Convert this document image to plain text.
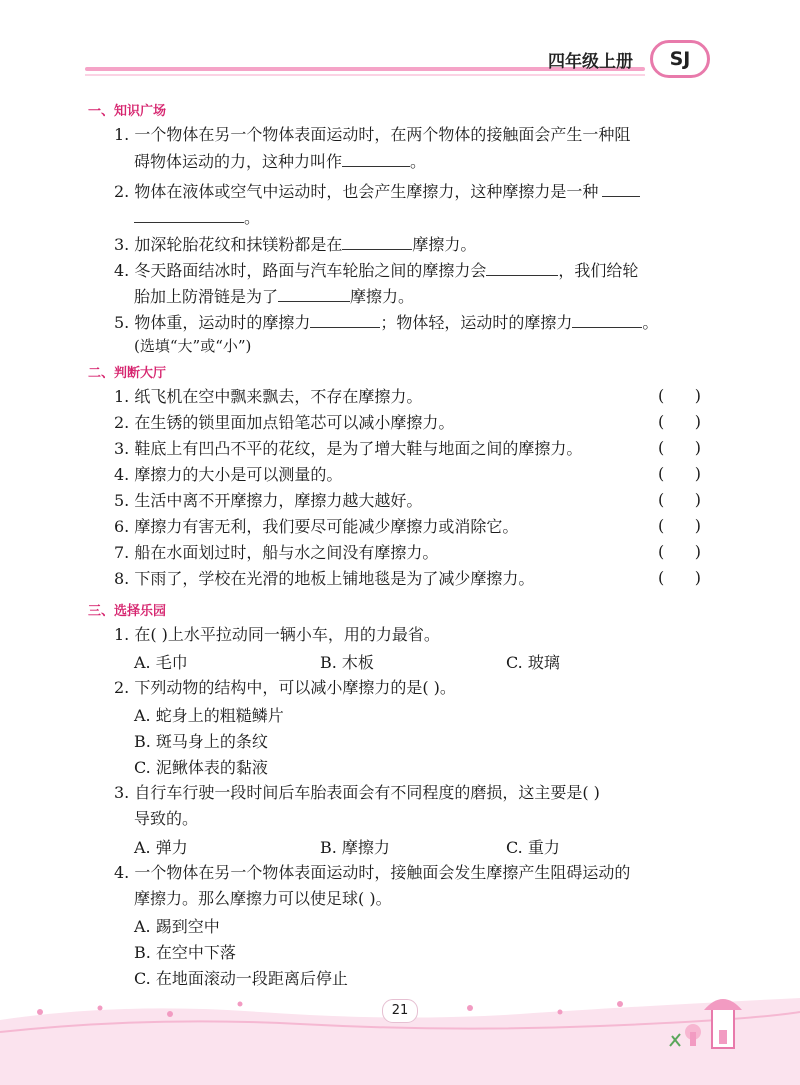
四年级上册	SJ
一、知识广场
1. 一个物体在另一个物体表面运动时，在两个物体的接触面会产生一种阻
碍物体运动的力，这种力叫作	。
2. 物体在液体或空气中运动时，也会产生摩擦力，这种摩擦力是一种
。
3. 加深轮胎花纹和抹镁粉都是在	摩擦力。
4. 冬天路面结冰时，路面与汽车轮胎之间的摩擦力会	，我们给轮
胎加上防滑链是为了	摩擦力。
5. 物体重，运动时的摩擦力	；物体轻，运动时的摩擦力	。
(选填“大”或“小”)
二、判断大厅
1. 纸飞机在空中飘来飘去，不存在摩擦力。	(      )
2. 在生锈的锁里面加点铅笔芯可以减小摩擦力。	(      )
3. 鞋底上有凹凸不平的花纹，是为了增大鞋与地面之间的摩擦力。	(      )
4. 摩擦力的大小是可以测量的。	(      )
5. 生活中离不开摩擦力，摩擦力越大越好。	(      )
6. 摩擦力有害无利，我们要尽可能减少摩擦力或消除它。	(      )
7. 船在水面划过时，船与水之间没有摩擦力。	(      )
8. 下雨了，学校在光滑的地板上铺地毯是为了减少摩擦力。	(      )
三、选择乐园
1. 在( )上水平拉动同一辆小车，用的力最省。
A. 毛巾	B. 木板	C. 玻璃
2. 下列动物的结构中，可以减小摩擦力的是( )。
A. 蛇身上的粗糙鳞片
B. 斑马身上的条纹
C. 泥鳅体表的黏液
3. 自行车行驶一段时间后车胎表面会有不同程度的磨损，这主要是( )
导致的。
A. 弹力	B. 摩擦力	C. 重力
4. 一个物体在另一个物体表面运动时，接触面会发生摩擦产生阻碍运动的
摩擦力。那么摩擦力可以使足球( )。
A. 踢到空中
B. 在空中下落
C. 在地面滚动一段距离后停止
21
